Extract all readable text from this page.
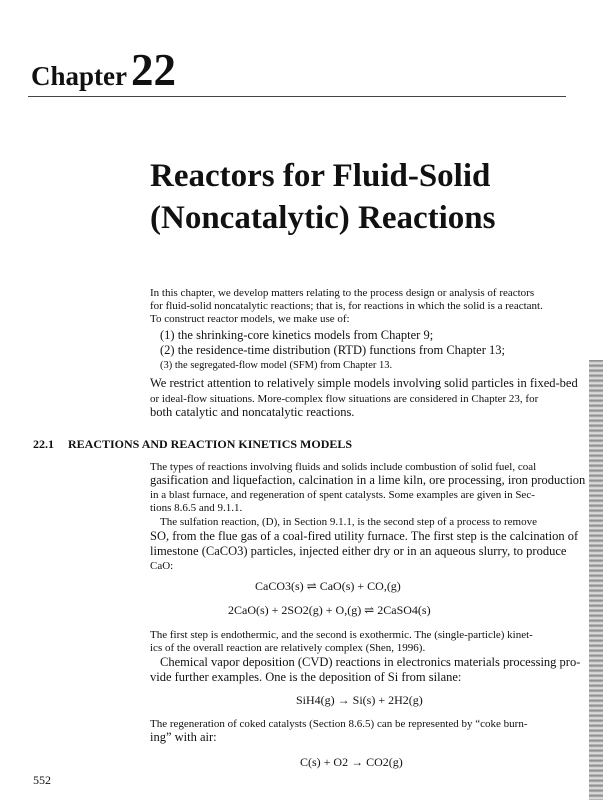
Chapter22
Reactors for Fluid-Solid
(Noncatalytic) Reactions
In this chapter, we develop matters relating to the process design or analysis of reactors
for fluid-solid noncatalytic reactions; that is, for reactions in which the solid is a reactant.
To construct reactor models, we make use of:
(1) the shrinking-core kinetics models from Chapter 9;
(2) the residence-time distribution (RTD) functions from Chapter 13;
(3) the segregated-flow model (SFM) from Chapter 13.
We restrict attention to relatively simple models involving solid particles in fixed-bed
or ideal-flow situations. More-complex flow situations are considered in Chapter 23, for
both catalytic and noncatalytic reactions.
22.1 REACTIONS AND REACTION KINETICS MODELS
The types of reactions involving fluids and solids include combustion of solid fuel, coal
gasification and liquefaction, calcination in a lime kiln, ore processing, iron production
in a blast furnace, and regeneration of spent catalysts. Some examples are given in Sec-
tions 8.6.5 and 9.1.1.
The sulfation reaction, (D), in Section 9.1.1, is the second step of a process to remove
SO, from the flue gas of a coal-fired utility furnace. The first step is the calcination of
limestone (CaCO3) particles, injected either dry or in an aqueous slurry, to produce
CaO:
CaCO3(s) ⇌ CaO(s) + CO,(g)
2CaO(s) + 2SO2(g) + O,(g) ⇌ 2CaSO4(s)
The first step is endothermic, and the second is exothermic. The (single-particle) kinet-
ics of the overall reaction are relatively complex (Shen, 1996).
Chemical vapor deposition (CVD) reactions in electronics materials processing pro-
vide further examples. One is the deposition of Si from silane:
SiH4(g) → Si(s) + 2H2(g)
The regeneration of coked catalysts (Section 8.6.5) can be represented by “coke burn-
ing” with air:
C(s) + O2 → CO2(g)
552
